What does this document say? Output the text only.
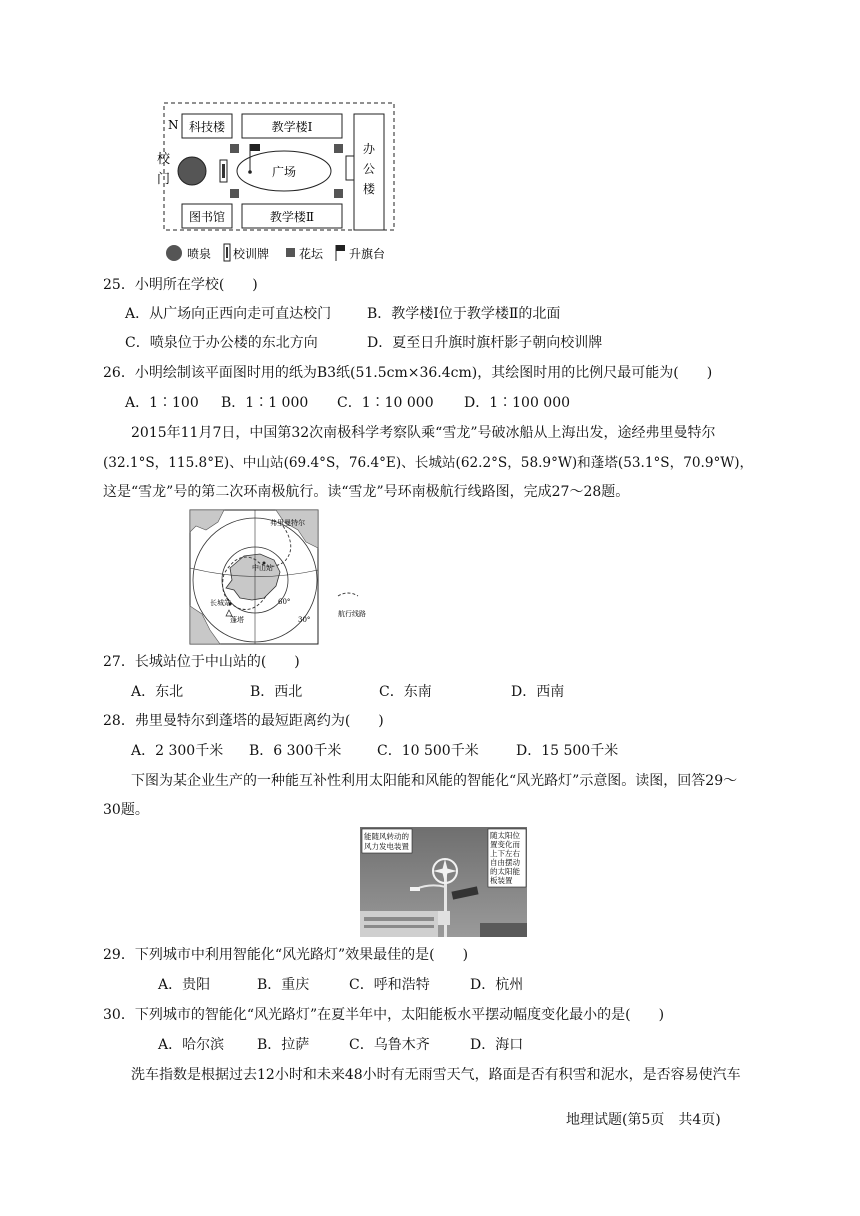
N
校
门
科技楼	教学楼Ⅰ
办
公
楼
广场
图书馆	教学楼Ⅱ
喷泉 校训牌 花坛 升旗台
25．小明所在学校(　　)
A．从广场向正西向走可直达校门	B．教学楼Ⅰ位于教学楼Ⅱ的北面
C．喷泉位于办公楼的东北方向	D．夏至日升旗时旗杆影子朝向校训牌
26．小明绘制该平面图时用的纸为B3纸(51.5cm×36.4cm)，其绘图时用的比例尺最可能为(　　)
A．1∶100 B．1∶1 000 C．1∶10 000 D．1∶100 000
2015年11月7日，中国第32次南极科学考察队乘“雪龙”号破冰船从上海出发，途经弗里曼特尔
(32.1°S，115.8°E)、中山站(69.4°S，76.4°E)、长城站(62.2°S，58.9°W)和蓬塔(53.1°S，70.9°W)，
这是“雪龙”号的第二次环南极航行。读“雪龙”号环南极航行线路图，完成27～28题。
弗里曼特尔
中山站
长城站
蓬塔
60°
30°
航行线路
27．长城站位于中山站的(　　)
A．东北	B．西北	C．东南	D．西南
28．弗里曼特尔到蓬塔的最短距离约为(　　)
A．2 300千米 B．6 300千米	C．10 500千米	D．15 500千米
下图为某企业生产的一种能互补性利用太阳能和风能的智能化“风光路灯”示意图。读图，回答29～
30题。
能随风转动的
风力发电装置
随太阳位
置变化而
上下左右
自由摆动
的太阳能
板装置
29．下列城市中利用智能化“风光路灯”效果最佳的是(　　)
A．贵阳	B．重庆	C．呼和浩特	D．杭州
30．下列城市的智能化“风光路灯”在夏半年中，太阳能板水平摆动幅度变化最小的是(　　)
A．哈尔滨 B．拉萨	C．乌鲁木齐	D．海口
洗车指数是根据过去12小时和未来48小时有无雨雪天气，路面是否有积雪和泥水，是否容易使汽车
地理试题(第5页　共4页)
